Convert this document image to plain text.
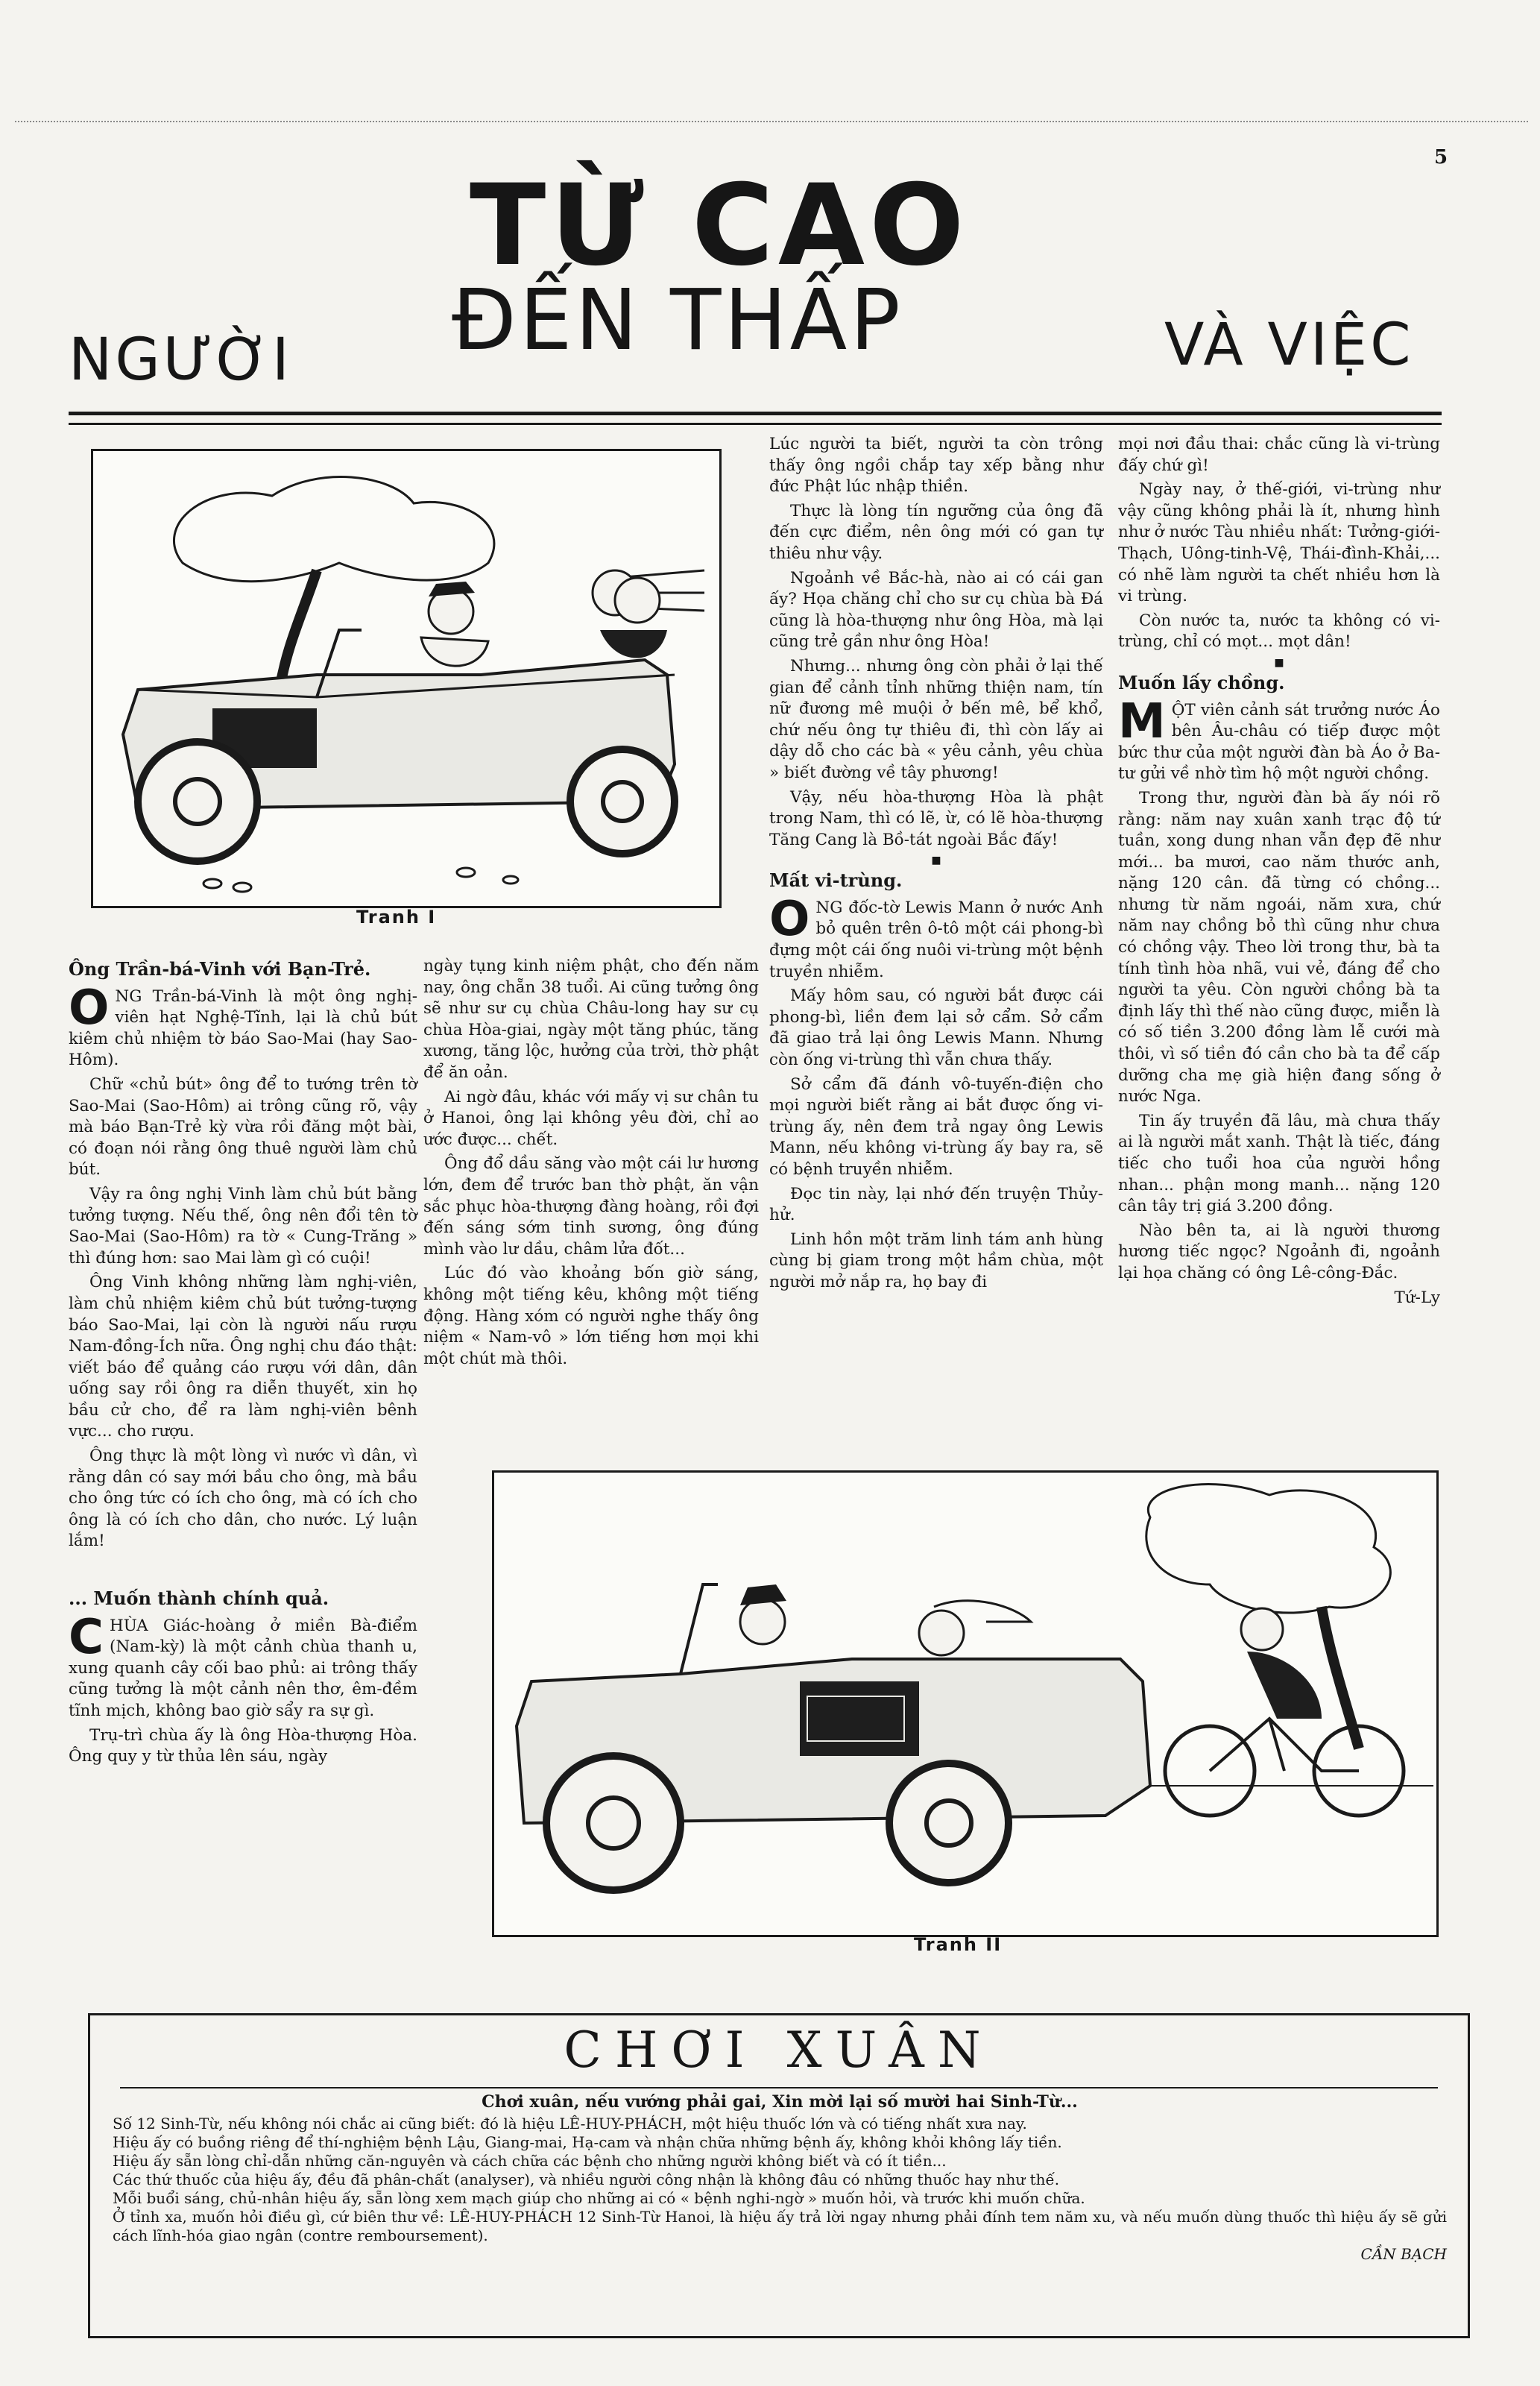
5
NGƯỜI
TỪ CAO
ĐẾN THẤP	VÀ VIỆC
Tranh I
Ông Trần-bá-Vinh với Bạn-Trẻ.

ONG Trần-bá-Vinh là một ông nghị-viên hạt Nghệ-Tĩnh, lại là chủ bút kiêm chủ nhiệm tờ báo Sao-Mai (hay Sao-Hôm).

Chữ «chủ bút» ông để to tướng trên tờ Sao-Mai (Sao-Hôm) ai trông cũng rõ, vậy mà báo Bạn-Trẻ kỳ vừa rồi đăng một bài, có đoạn nói rằng ông thuê người làm chủ bút.

Vậy ra ông nghị Vinh làm chủ bút bằng tưởng tượng. Nếu thế, ông nên đổi tên tờ Sao-Mai (Sao-Hôm) ra tờ « Cung-Trăng » thì đúng hơn: sao Mai làm gì có cuội!

Ông Vinh không những làm nghị-viên, làm chủ nhiệm kiêm chủ bút tưởng-tượng báo Sao-Mai, lại còn là người nấu rượu Nam-đồng-Ích nữa. Ông nghị chu đáo thật: viết báo để quảng cáo rượu với dân, dân uống say rồi ông ra diễn thuyết, xin họ bầu cử cho, để ra làm nghị-viên bênh vực... cho rượu.

Ông thực là một lòng vì nước vì dân, vì rằng dân có say mới bầu cho ông, mà bầu cho ông tức có ích cho ông, mà có ích cho ông là có ích cho dân, cho nước. Lý luận lắm!

... Muốn thành chính quả.

CHÙA Giác-hoàng ở miền Bà-điểm (Nam-kỳ) là một cảnh chùa thanh u, xung quanh cây cối bao phủ: ai trông thấy cũng tưởng là một cảnh nên thơ, êm-đềm tĩnh mịch, không bao giờ sẩy ra sự gì.

Trụ-trì chùa ấy là ông Hòa-thượng Hòa. Ông quy y từ thủa lên sáu, ngày

ngày tụng kinh niệm phật, cho đến năm nay, ông chẵn 38 tuổi. Ai cũng tưởng ông sẽ như sư cụ chùa Châu-long hay sư cụ chùa Hòa-giai, ngày một tăng phúc, tăng xương, tăng lộc, hưởng của trời, thờ phật để ăn oản.

Ai ngờ đâu, khác với mấy vị sư chân tu ở Hanoi, ông lại không yêu đời, chỉ ao ước được... chết.

Ông đổ dầu săng vào một cái lư hương lớn, đem để trước ban thờ phật, ăn vận sắc phục hòa-thượng đàng hoàng, rồi đợi đến sáng sớm tinh sương, ông đúng mình vào lư dầu, châm lửa đốt...

Lúc đó vào khoảng bốn giờ sáng, không một tiếng kêu, không một tiếng động. Hàng xóm có người nghe thấy ông niệm « Nam-vô » lớn tiếng hơn mọi khi một chút mà thôi.

Lúc người ta biết, người ta còn trông thấy ông ngồi chắp tay xếp bằng như đức Phật lúc nhập thiền.

Thực là lòng tín ngưỡng của ông đã đến cực điểm, nên ông mới có gan tự thiêu như vậy.

Ngoảnh về Bắc-hà, nào ai có cái gan ấy? Họa chăng chỉ cho sư cụ chùa bà Đá cũng là hòa-thượng như ông Hòa, mà lại cũng trẻ gần như ông Hòa!

Nhưng... nhưng ông còn phải ở lại thế gian để cảnh tỉnh những thiện nam, tín nữ đương mê muội ở bến mê, bể khổ, chứ nếu ông tự thiêu đi, thì còn lấy ai dậy dỗ cho các bà « yêu cảnh, yêu chùa » biết đường về tây phương!

Vậy, nếu hòa-thượng Hòa là phật trong Nam, thì có lẽ, ừ, có lẽ hòa-thượng Tăng Cang là Bồ-tát ngoài Bắc đấy!

■
Mất vi-trùng.

ONG đốc-tờ Lewis Mann ở nước Anh bỏ quên trên ô-tô một cái phong-bì đựng một cái ống nuôi vi-trùng một bệnh truyền nhiễm.

Mấy hôm sau, có người bắt được cái phong-bì, liền đem lại sở cẩm. Sở cẩm đã giao trả lại ông Lewis Mann. Nhưng còn ống vi-trùng thì vẫn chưa thấy.

Sở cẩm đã đánh vô-tuyến-điện cho mọi người biết rằng ai bắt được ống vi-trùng ấy, nên đem trả ngay ông Lewis Mann, nếu không vi-trùng ấy bay ra, sẽ có bệnh truyền nhiễm.

Đọc tin này, lại nhớ đến truyện Thủy-hử.

Linh hồn một trăm linh tám anh hùng cùng bị giam trong một hầm chùa, một người mở nắp ra, họ bay đi

mọi nơi đầu thai: chắc cũng là vi-trùng đấy chứ gì!

Ngày nay, ở thế-giới, vi-trùng như vậy cũng không phải là ít, nhưng hình như ở nước Tàu nhiều nhất: Tưởng-giới-Thạch, Uông-tinh-Vệ, Thái-đình-Khải,... có nhẽ làm người ta chết nhiều hơn là vi trùng.

Còn nước ta, nước ta không có vi-trùng, chỉ có mọt... mọt dân!

■
Muốn lấy chồng.

MỘT viên cảnh sát trưởng nước Áo bên Âu-châu có tiếp được một bức thư của một người đàn bà Áo ở Ba-tư gửi về nhờ tìm hộ một người chồng.

Trong thư, người đàn bà ấy nói rõ rằng: năm nay xuân xanh trạc độ tứ tuần, xong dung nhan vẫn đẹp đẽ như mới... ba mươi, cao năm thước anh, nặng 120 cân. đã từng có chồng... nhưng từ năm ngoái, năm xưa, chứ năm nay chồng bỏ thì cũng như chưa có chồng vậy. Theo lời trong thư, bà ta tính tình hòa nhã, vui vẻ, đáng để cho người ta yêu. Còn người chồng bà ta định lấy thì thế nào cũng được, miễn là có số tiền 3.200 đồng làm lễ cưới mà thôi, vì số tiền đó cần cho bà ta để cấp dưỡng cha mẹ già hiện đang sống ở nước Nga.

Tin ấy truyền đã lâu, mà chưa thấy ai là người mắt xanh. Thật là tiếc, đáng tiếc cho tuổi hoa của người hồng nhan... phận mong manh... nặng 120 cân tây trị giá 3.200 đồng.

Nào bên ta, ai là người thương hương tiếc ngọc? Ngoảnh đi, ngoảnh lại họa chăng có ông Lê-công-Đắc.

Tứ-Ly
Tranh II
CHƠI XUÂN

Chơi xuân, nếu vướng phải gai, Xin mời lại số mười hai Sinh-Từ...

Số 12 Sinh-Từ, nếu không nói chắc ai cũng biết: đó là hiệu LÊ-HUY-PHÁCH, một hiệu thuốc lớn và có tiếng nhất xưa nay.

Hiệu ấy có buồng riêng để thí-nghiệm bệnh Lậu, Giang-mai, Hạ-cam và nhận chữa những bệnh ấy, không khỏi không lấy tiền.

Hiệu ấy sẵn lòng chỉ-dẫn những căn-nguyên và cách chữa các bệnh cho những người không biết và có ít tiền...

Các thứ thuốc của hiệu ấy, đều đã phân-chất (analyser), và nhiều người công nhận là không đâu có những thuốc hay như thế.

Mỗi buổi sáng, chủ-nhân hiệu ấy, sẵn lòng xem mạch giúp cho những ai có « bệnh nghi-ngờ » muốn hỏi, và trước khi muốn chữa.

Ở tỉnh xa, muốn hỏi điều gì, cứ biên thư về: LÊ-HUY-PHÁCH 12 Sinh-Từ Hanoi, là hiệu ấy trả lời ngay nhưng phải đính tem năm xu, và nếu muốn dùng thuốc thì hiệu ấy sẽ gửi cách lĩnh-hóa giao ngân (contre remboursement).

CẦN BẠCH
